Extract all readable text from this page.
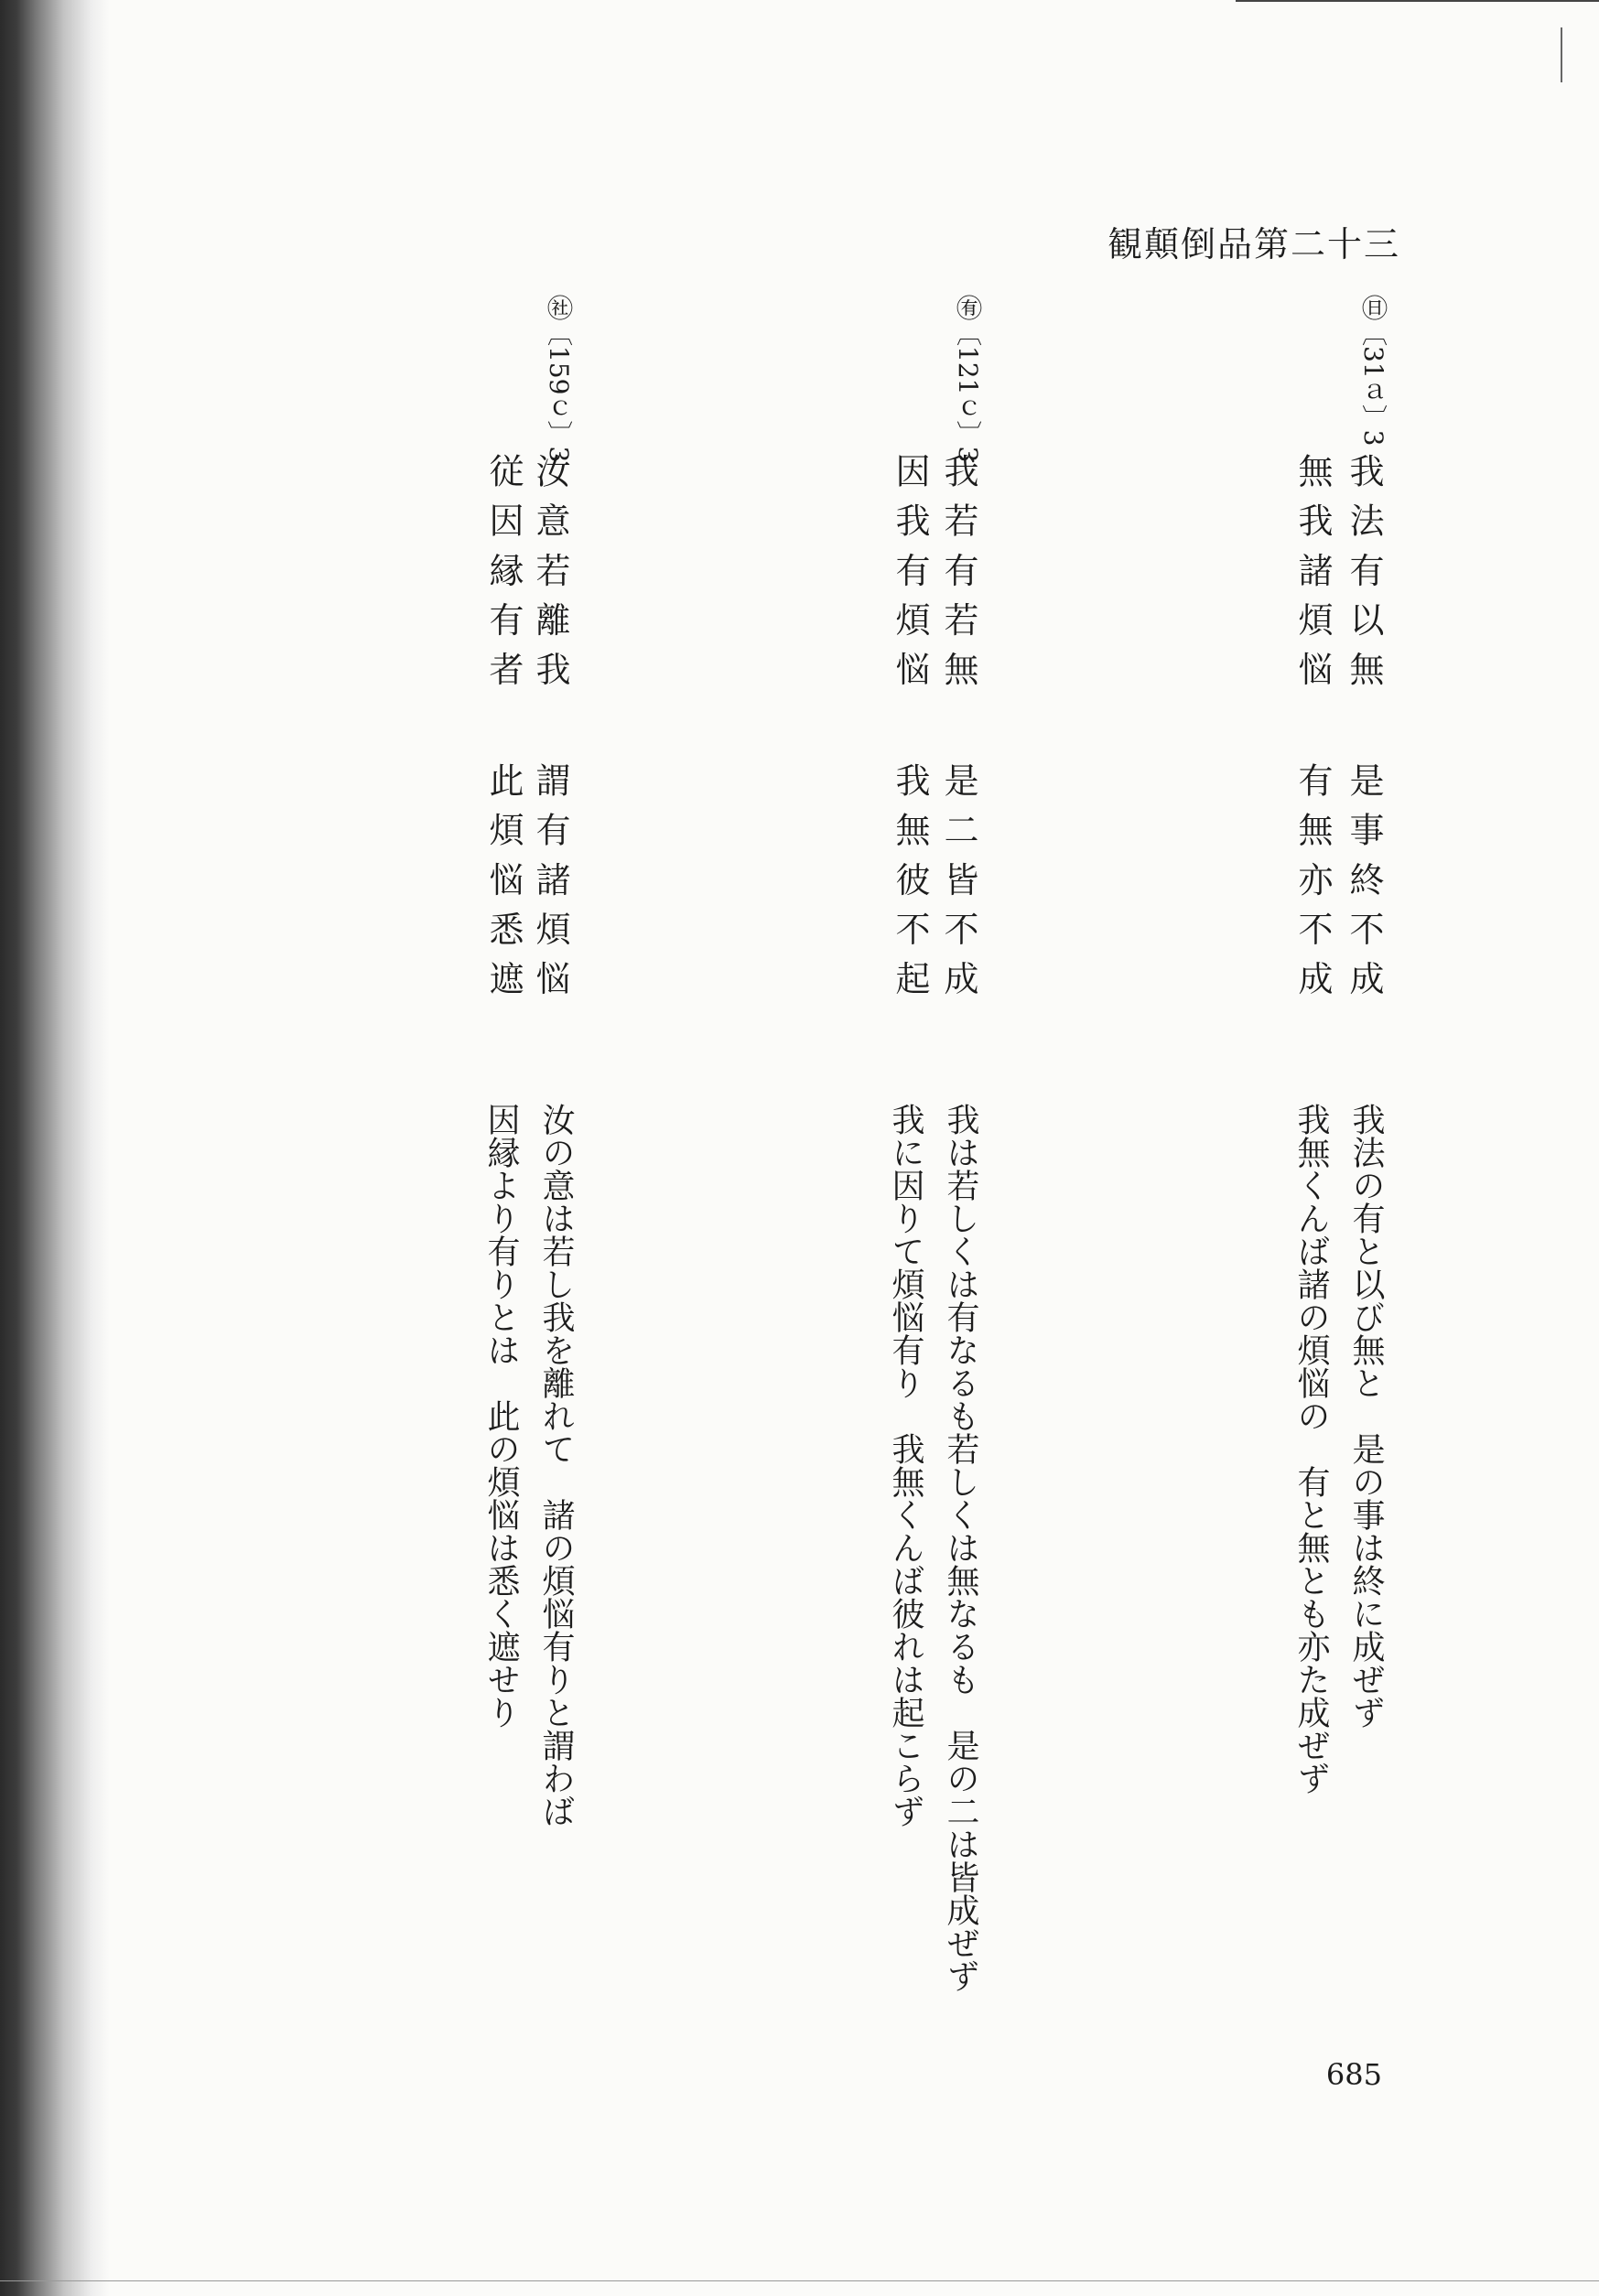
観顛倒品第二十三
㊐〔31ａ〕3
我法有以無
是事終不成
無我諸煩悩
有無亦不成
我法の有と以び無と　是の事は終に成ぜず
我無くんば諸の煩悩の　有と無とも亦た成ぜず
㊒〔121ｃ〕3
我若有若無
是二皆不成
因我有煩悩
我無彼不起
我は若しくは有なるも若しくは無なるも　是の二は皆成ぜず
我に因りて煩悩有り　我無くんば彼れは起こらず
㊓〔159ｃ〕3
汝意若離我
謂有諸煩悩
従因縁有者
此煩悩悉遮
汝の意は若し我を離れて　諸の煩悩有りと謂わば
因縁より有りとは　此の煩悩は悉く遮せり
685
